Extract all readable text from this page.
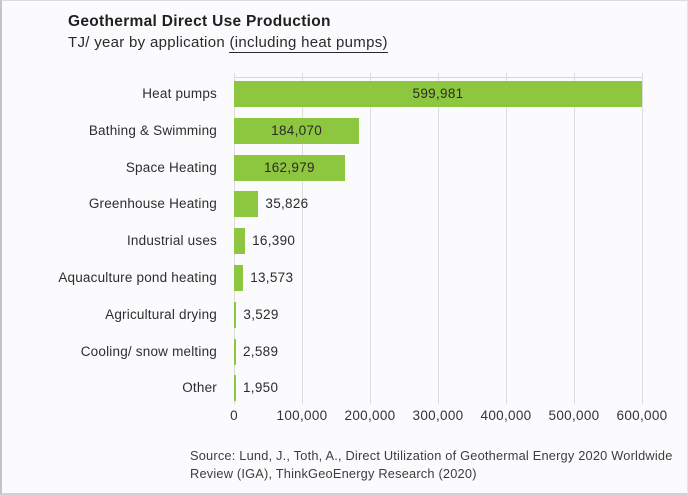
Geothermal Direct Use Production
TJ/ year by application (including heat pumps)
0	100,000 200,000 300,000 400,000 500,000 600,000
Heat pumps	599,981
Bathing & Swimming	184,070
Space Heating	162,979
Greenhouse Heating	35,826
Industrial uses	16,390
Aquaculture pond heating	13,573
Agricultural drying	3,529
Cooling/ snow melting	2,589
Other	1,950
Source: Lund, J., Toth, A., Direct Utilization of Geothermal Energy 2020 Worldwide
Review (IGA), ThinkGeoEnergy Research (2020)
